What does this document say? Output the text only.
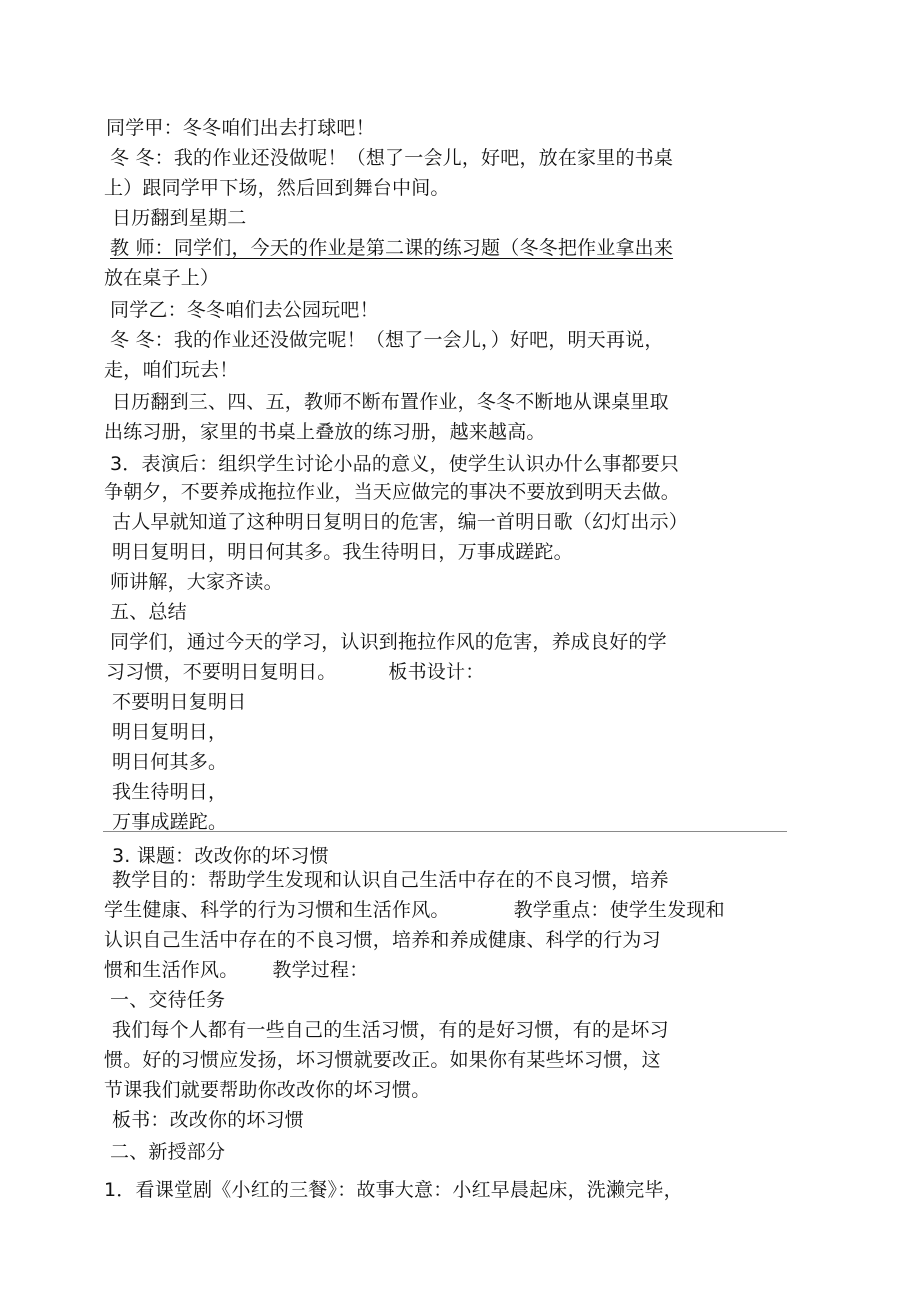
同学甲：冬冬咱们出去打球吧！
冬 冬：我的作业还没做呢！（想了一会儿，好吧，放在家里的书桌
上）跟同学甲下场，然后回到舞台中间。
日历翻到星期二
教 师：同学们，今天的作业是第二课的练习题（冬冬把作业拿出来
放在桌子上）
同学乙：冬冬咱们去公园玩吧！
冬 冬：我的作业还没做完呢！（想了一会儿，）好吧，明天再说，
走，咱们玩去！
日历翻到三、四、五，教师不断布置作业，冬冬不断地从课桌里取
出练习册，家里的书桌上叠放的练习册，越来越高。
3．表演后：组织学生讨论小品的意义，使学生认识办什么事都要只
争朝夕，不要养成拖拉作业，当天应做完的事决不要放到明天去做。
古人早就知道了这种明日复明日的危害，编一首明日歌（幻灯出示）
明日复明日，明日何其多。我生待明日，万事成蹉跎。
师讲解，大家齐读。
五、总结
同学们，通过今天的学习，认识到拖拉作风的危害，养成良好的学
习习惯，不要明日复明日。	板书设计：
不要明日复明日
明日复明日，
明日何其多。
我生待明日，
万事成蹉跎。
3. 课题：改改你的坏习惯
教学目的：帮助学生发现和认识自己生活中存在的不良习惯，培养
学生健康、科学的行为习惯和生活作风。	教学重点：使学生发现和
认识自己生活中存在的不良习惯，培养和养成健康、科学的行为习
惯和生活作风。 教学过程：
一、交待任务
我们每个人都有一些自己的生活习惯，有的是好习惯，有的是坏习
惯。好的习惯应发扬，坏习惯就要改正。如果你有某些坏习惯，这
节课我们就要帮助你改改你的坏习惯。
板书：改改你的坏习惯
二、新授部分
1．看课堂剧《小红的三餐》：故事大意：小红早晨起床，洗濑完毕，
